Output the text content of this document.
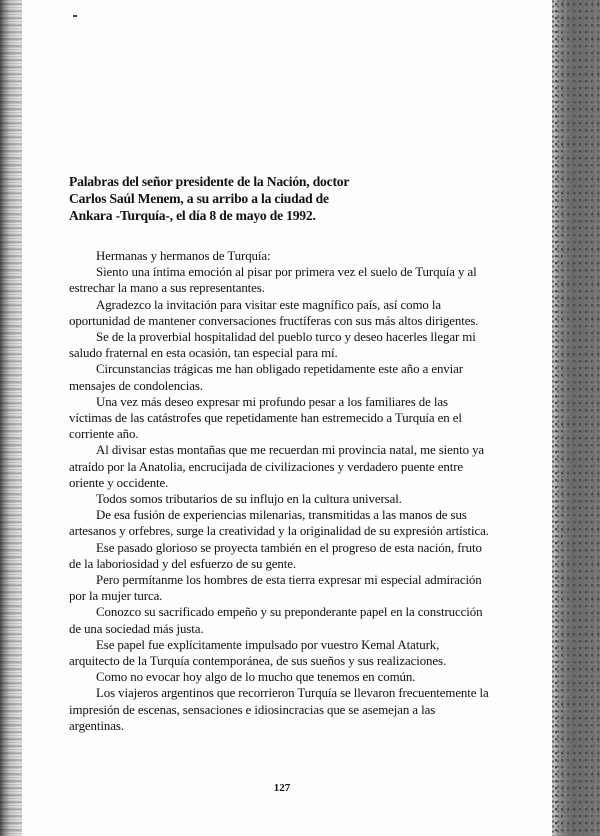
Palabras del señor presidente de la Nación, doctor Carlos Saúl Menem, a su arribo a la ciudad de Ankara -Turquía-, el día 8 de mayo de 1992.

Hermanas y hermanos de Turquía:

Siento una íntima emoción al pisar por primera vez el suelo de Turquía y al estrechar la mano a sus representantes.

Agradezco la invitación para visitar este magnífico país, así como la oportunidad de mantener conversaciones fructíferas con sus más altos dirigentes.

Se de la proverbial hospitalidad del pueblo turco y deseo hacerles llegar mi saludo fraternal en esta ocasión, tan especial para mí.

Circunstancias trágicas me han obligado repetidamente este año a enviar mensajes de condolencias.

Una vez más deseo expresar mi profundo pesar a los familiares de las víctimas de las catástrofes que repetidamente han estremecido a Turquía en el corriente año.

Al divisar estas montañas que me recuerdan mi provincia natal, me siento ya atraído por la Anatolia, encrucijada de civilizaciones y verdadero puente entre oriente y occidente.

Todos somos tributarios de su influjo en la cultura universal.

De esa fusión de experiencias milenarias, transmitidas a las manos de sus artesanos y orfebres, surge la creatividad y la originalidad de su expresión artística.

Ese pasado glorioso se proyecta también en el progreso de esta nación, fruto de la laboriosidad y del esfuerzo de su gente.

Pero permítanme los hombres de esta tierra expresar mi especial admiración por la mujer turca.

Conozco su sacrificado empeño y su preponderante papel en la construcción de una sociedad más justa.

Ese papel fue explícitamente impulsado por vuestro Kemal Ataturk, arquitecto de la Turquía contemporánea, de sus sueños y sus realizaciones.

Como no evocar hoy algo de lo mucho que tenemos en común.

Los viajeros argentinos que recorrieron Turquía se llevaron frecuentemente la impresión de escenas, sensaciones e idiosincracias que se asemejan a las argentinas.

127
